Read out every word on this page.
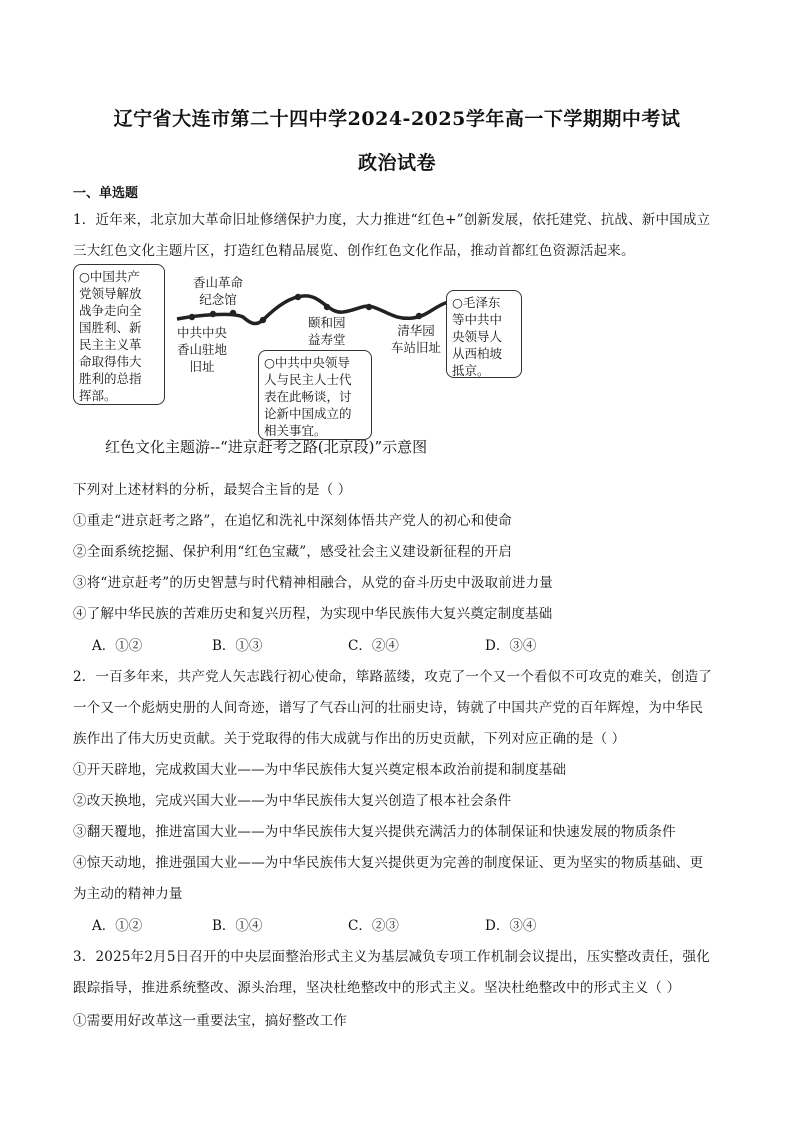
辽宁省大连市第二十四中学2024-2025学年高一下学期期中考试
政治试卷
一、单选题
1．近年来，北京加大革命旧址修缮保护力度，大力推进“红色+”创新发展，依托建党、抗战、新中国成立
三大红色文化主题片区，打造红色精品展览、创作红色文化作品，推动首都红色资源活起来。
○中国共产
党领导解放
战争走向全
国胜利、新
民主主义革
命取得伟大
胜利的总指
挥部。
香山革命
纪念馆
中共中央
香山驻地
旧址
颐和园
益寿堂
清华园
车站旧址
○中共中央领导
人与民主人士代
表在此畅谈，讨
论新中国成立的
相关事宜。
○毛泽东
等中共中
央领导人
从西柏坡
抵京。
红色文化主题游--“进京赶考之路(北京段)”示意图
下列对上述材料的分析，最契合主旨的是（ ）
①重走“进京赶考之路”，在追忆和洗礼中深刻体悟共产党人的初心和使命
②全面系统挖掘、保护利用“红色宝藏”，感受社会主义建设新征程的开启
③将“进京赶考”的历史智慧与时代精神相融合，从党的奋斗历史中汲取前进力量
④了解中华民族的苦难历史和复兴历程，为实现中华民族伟大复兴奠定制度基础
A．①②	B．①③	C．②④	D．③④
2．一百多年来，共产党人矢志践行初心使命，筚路蓝缕，攻克了一个又一个看似不可攻克的难关，创造了
一个又一个彪炳史册的人间奇迹，谱写了气吞山河的壮丽史诗，铸就了中国共产党的百年辉煌，为中华民
族作出了伟大历史贡献。关于党取得的伟大成就与作出的历史贡献，下列对应正确的是（ ）
①开天辟地，完成救国大业——为中华民族伟大复兴奠定根本政治前提和制度基础
②改天换地，完成兴国大业——为中华民族伟大复兴创造了根本社会条件
③翻天覆地，推进富国大业——为中华民族伟大复兴提供充满活力的体制保证和快速发展的物质条件
④惊天动地，推进强国大业——为中华民族伟大复兴提供更为完善的制度保证、更为坚实的物质基础、更
为主动的精神力量
A．①②	B．①④	C．②③	D．③④
3．2025年2月5日召开的中央层面整治形式主义为基层减负专项工作机制会议提出，压实整改责任，强化
跟踪指导，推进系统整改、源头治理，坚决杜绝整改中的形式主义。坚决杜绝整改中的形式主义（ ）
①需要用好改革这一重要法宝，搞好整改工作
